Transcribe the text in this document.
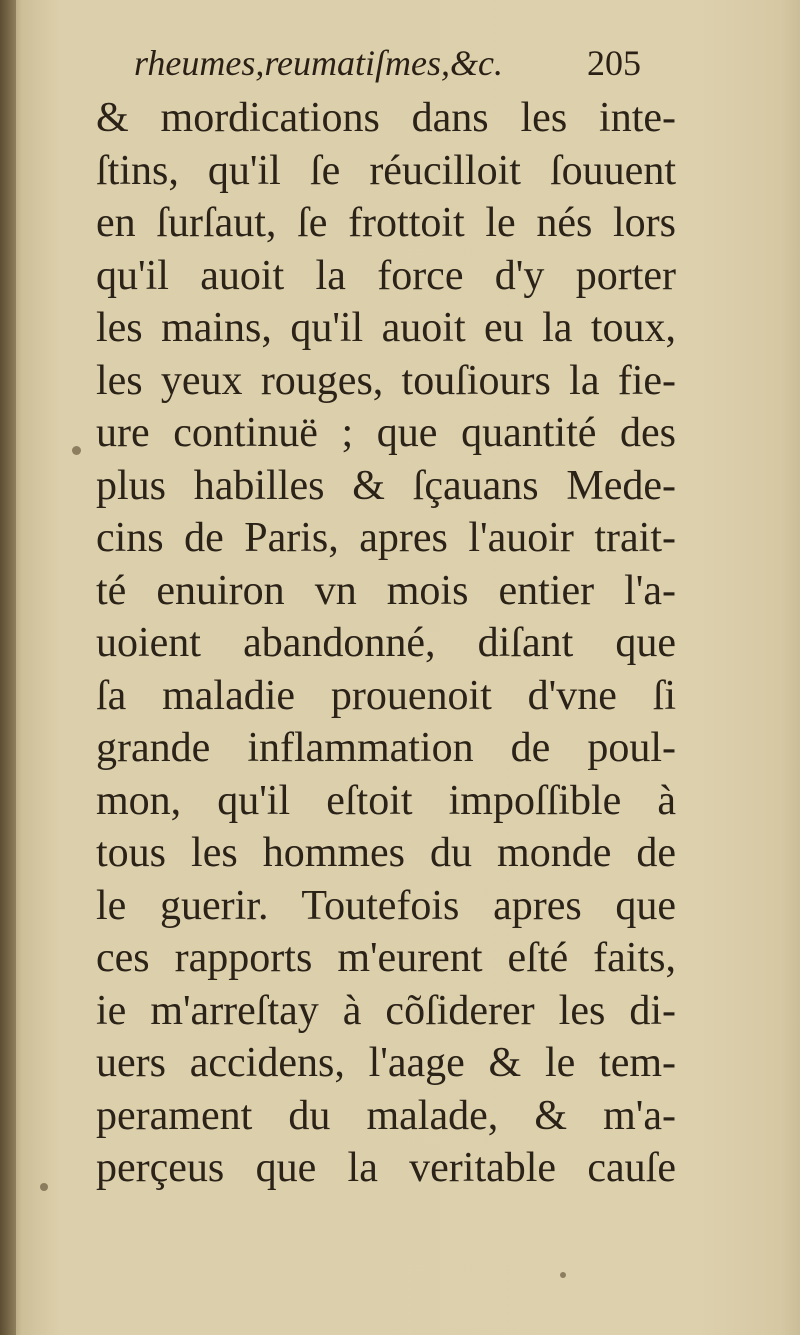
rheumes,reumatiſmes,&c. 205
& mordications dans les inte-
ſtins, qu'il ſe réucilloit ſouuent
en ſurſaut, ſe frottoit le nés lors
qu'il auoit la force d'y porter
les mains, qu'il auoit eu la toux,
les yeux rouges, touſiours la fie-
ure continuë ; que quantité des
plus habilles & ſçauans Mede-
cins de Paris, apres l'auoir trait-
té enuiron vn mois entier l'a-
uoient abandonné, diſant que
ſa maladie prouenoit d'vne ſi
grande inflammation de poul-
mon, qu'il eſtoit impoſſible à
tous les hommes du monde de
le guerir. Toutefois apres que
ces rapports m'eurent eſté faits,
ie m'arreſtay à cõſiderer les di-
uers accidens, l'aage & le tem-
perament du malade, & m'a-
perçeus que la veritable cauſe
